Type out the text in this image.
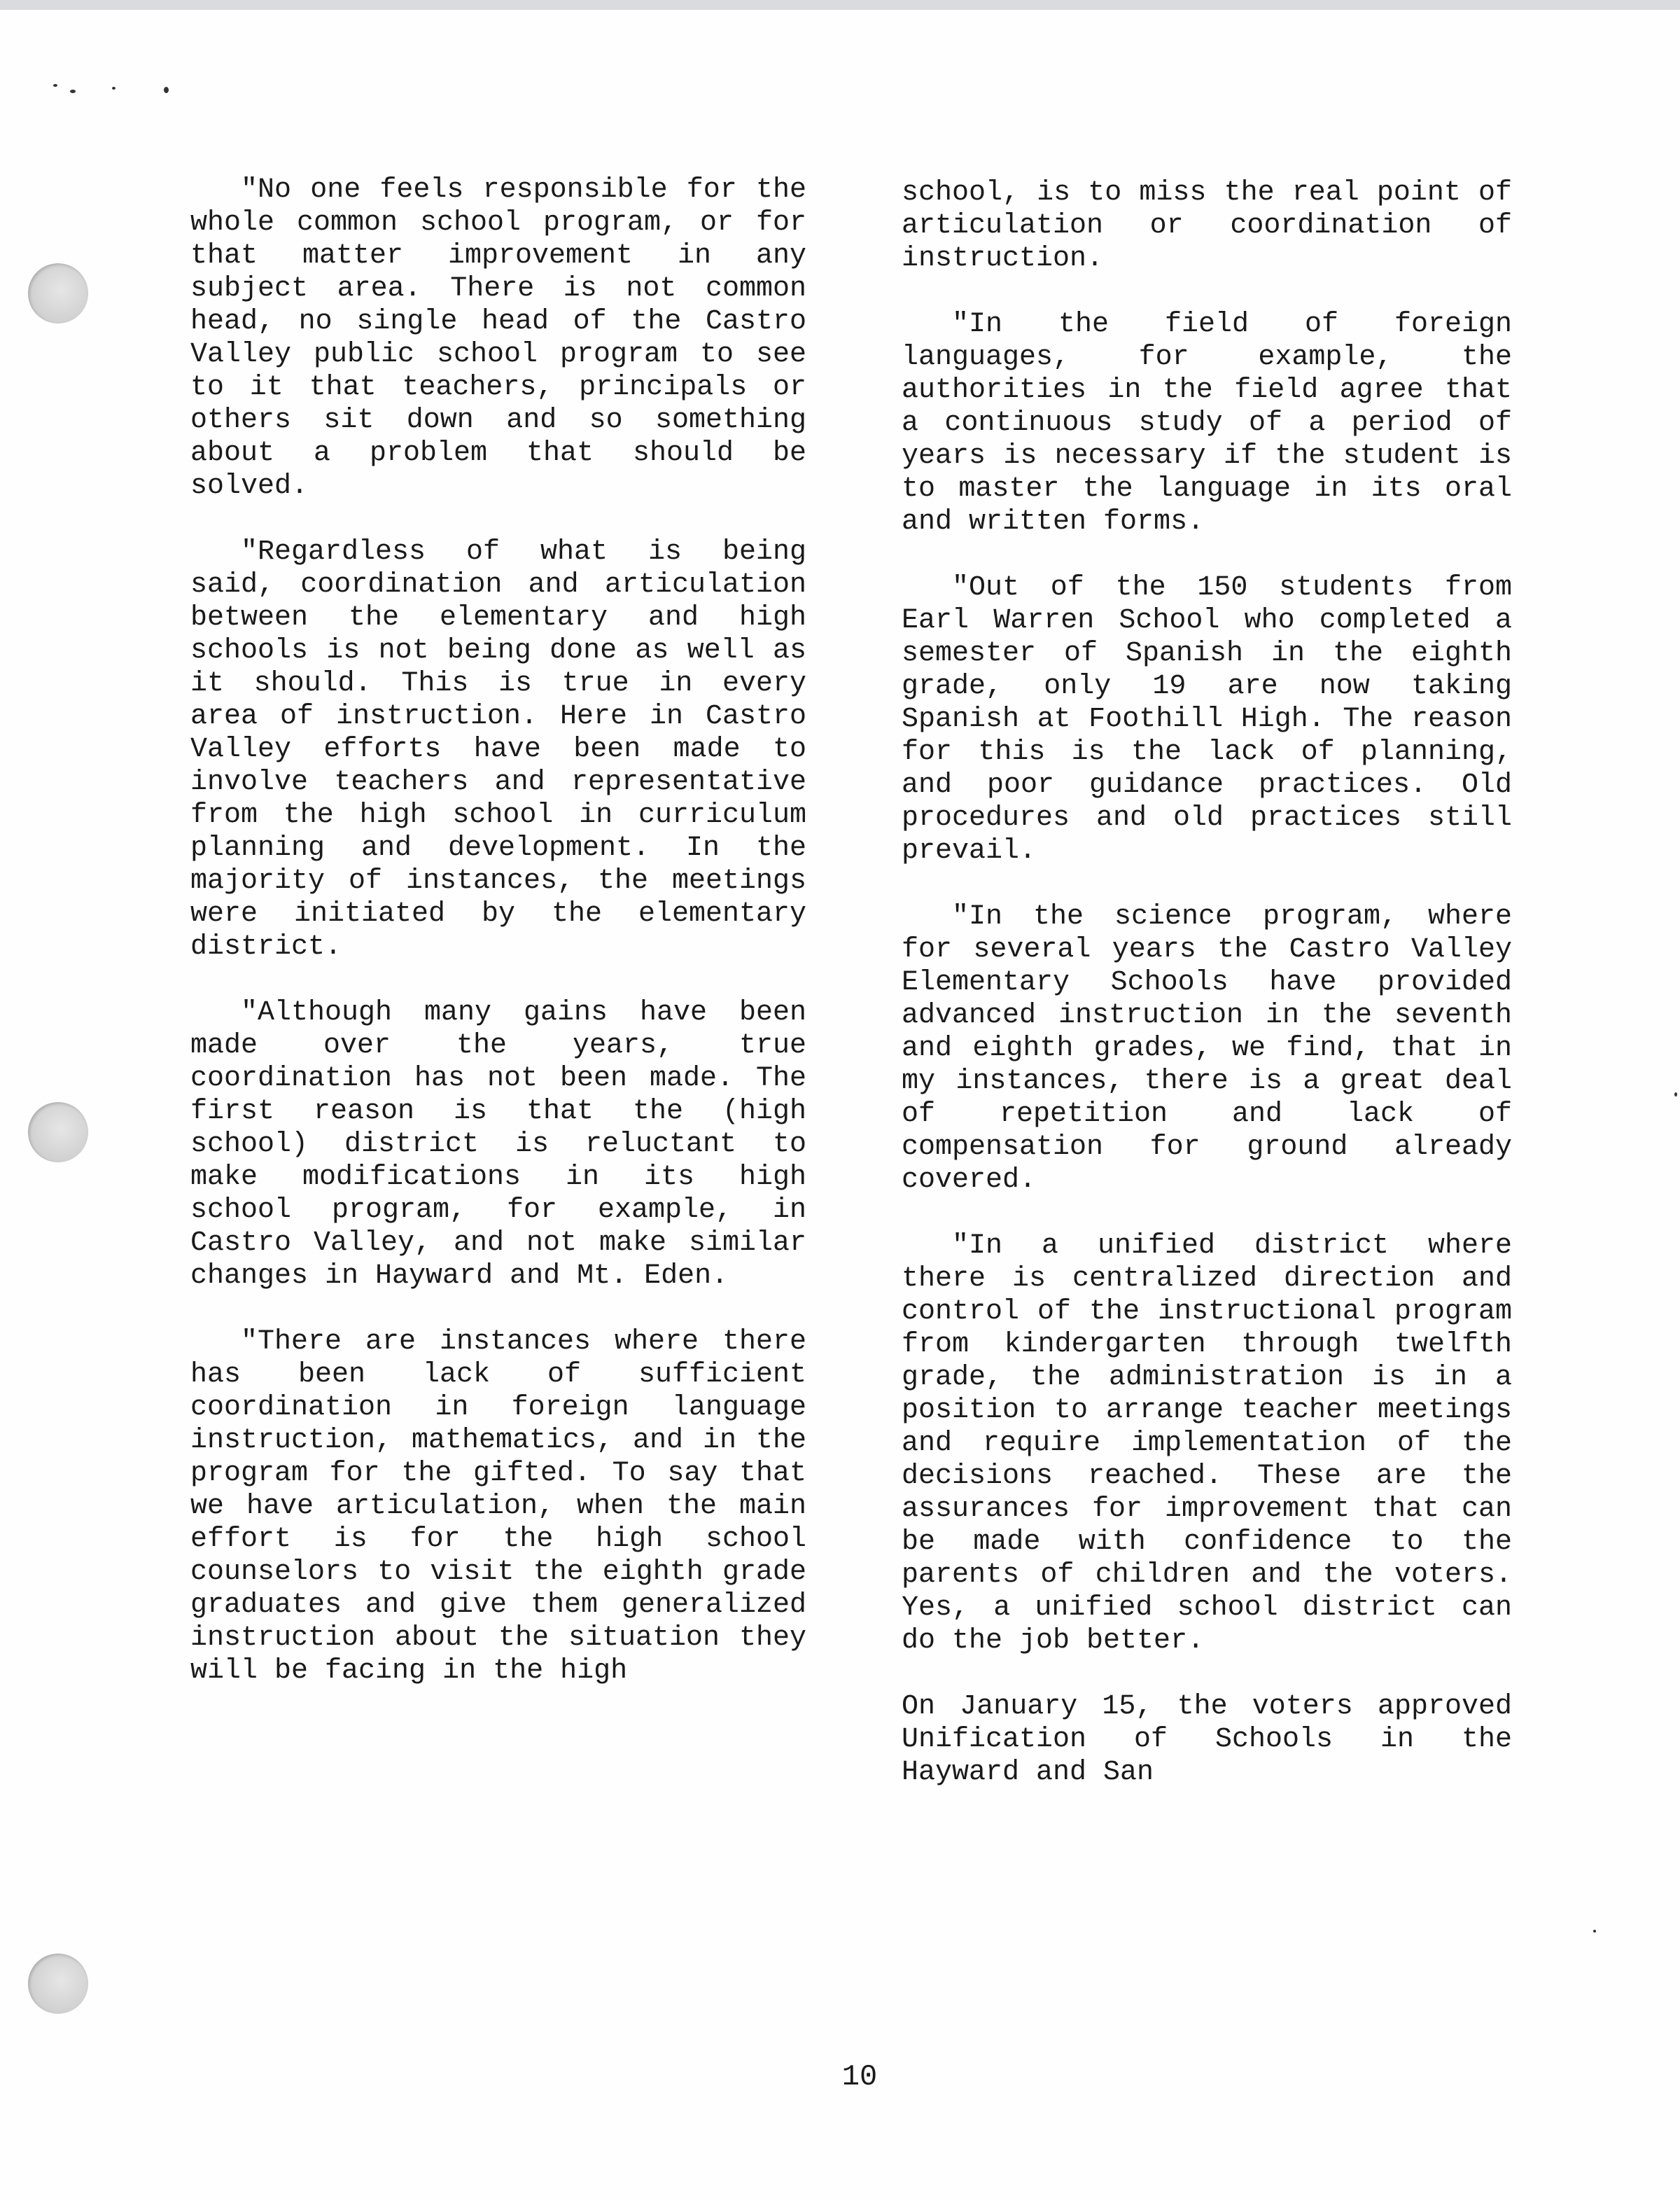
"No one feels responsible for the whole common school program, or for that matter improvement in any subject area. There is not common head, no single head of the Castro Valley public school program to see to it that teachers, principals or others sit down and so something about a problem that should be solved.

"Regardless of what is being said, coordination and articulation between the elementary and high schools is not being done as well as it should. This is true in every area of instruction. Here in Castro Valley efforts have been made to involve teachers and representative from the high school in curriculum planning and development. In the majority of instances, the meetings were initiated by the elementary district.

"Although many gains have been made over the years, true coordination has not been made. The first reason is that the (high school) district is reluctant to make modifications in its high school program, for example, in Castro Valley, and not make similar changes in Hayward and Mt. Eden.

"There are instances where there has been lack of sufficient coordination in foreign language instruction, mathematics, and in the program for the gifted. To say that we have articulation, when the main effort is for the high school counselors to visit the eighth grade graduates and give them generalized instruction about the situation they will be facing in the high

school, is to miss the real point of articulation or coordination of instruction.

"In the field of foreign languages, for example, the authorities in the field agree that a continuous study of a period of years is necessary if the student is to master the language in its oral and written forms.

"Out of the 150 students from Earl Warren School who completed a semester of Spanish in the eighth grade, only 19 are now taking Spanish at Foothill High. The reason for this is the lack of planning, and poor guidance practices. Old procedures and old practices still prevail.

"In the science program, where for several years the Castro Valley Elementary Schools have provided advanced instruction in the seventh and eighth grades, we find, that in my instances, there is a great deal of repetition and lack of compensation for ground already covered.

"In a unified district where there is centralized direction and control of the instructional program from kindergarten through twelfth grade, the administration is in a position to arrange teacher meetings and require implementation of the decisions reached. These are the assurances for improvement that can be made with confidence to the parents of children and the voters. Yes, a unified school district can do the job better.

On January 15, the voters approved Unification of Schools in the Hayward and San

10
